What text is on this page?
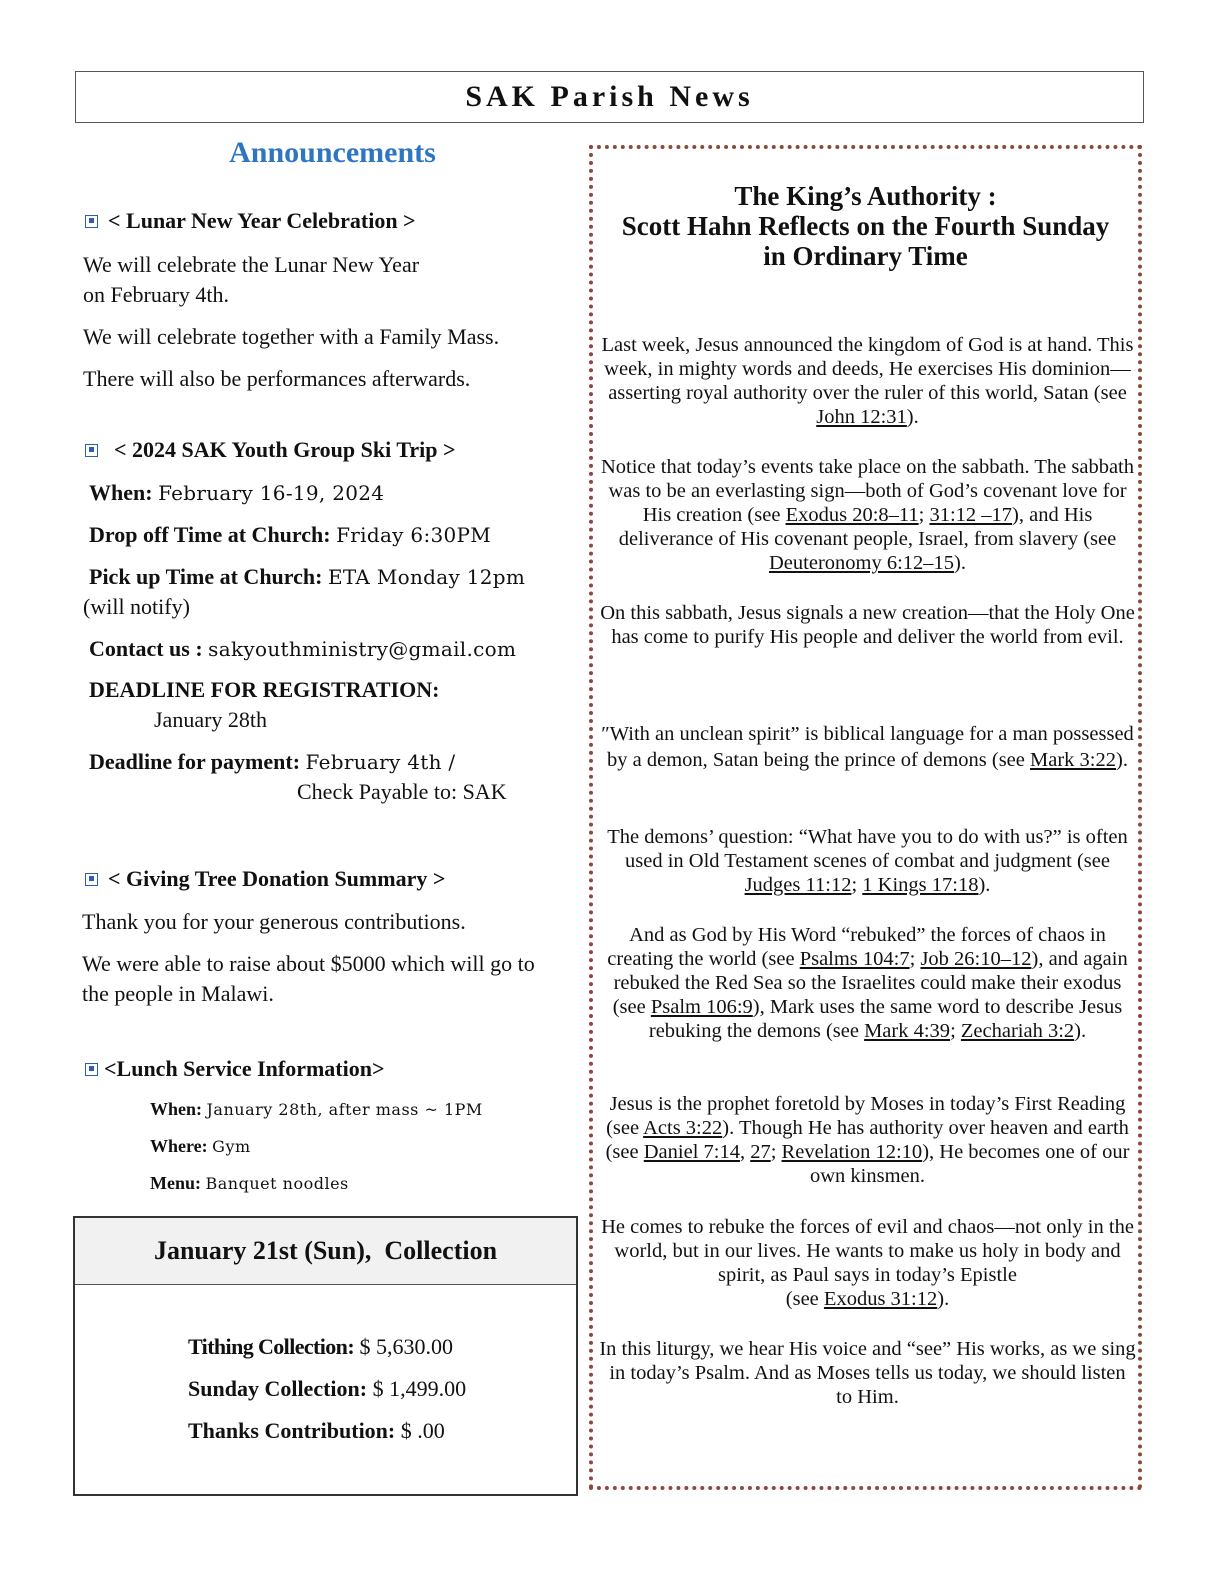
SAK Parish News
Announcements
< Lunar New Year Celebration >
We will celebrate the Lunar New Year
on February 4th.
We will celebrate together with a Family Mass.
There will also be performances afterwards.
< 2024 SAK Youth Group Ski Trip >
When: February 16-19, 2024
Drop off Time at Church: Friday 6:30PM
Pick up Time at Church: ETA Monday 12pm
(will notify)
Contact us : sakyouthministry@gmail.com
DEADLINE FOR REGISTRATION:
January 28th
Deadline for payment: February 4th /
Check Payable to: SAK
< Giving Tree Donation Summary >
Thank you for your generous contributions.
We were able to raise about $5000 which will go to
the people in Malawi.
<Lunch Service Information>
When: January 28th, after mass ~ 1PM
Where: Gym
Menu: Banquet noodles
January 21st (Sun),  Collection
Tithing Collection: $ 5,630.00
Sunday Collection: $ 1,499.00
Thanks Contribution: $ .00
The King’s Authority :
Scott Hahn Reflects on the Fourth Sunday
in Ordinary Time

Last week, Jesus announced the kingdom of God is at hand. This week, in mighty words and deeds, He exercises His dominion—asserting royal authority over the ruler of this world, Satan (see John 12:31).

Notice that today’s events take place on the sabbath. The sabbath was to be an everlasting sign—both of God’s covenant love for His creation (see Exodus 20:8–11; 31:12 –17), and His deliverance of His covenant people, Israel, from slavery (see Deuteronomy 6:12–15).

On this sabbath, Jesus signals a new creation—that the Holy One has come to purify His people and deliver the world from evil.

″With an unclean spirit” is biblical language for a man possessed by a demon, Satan being the prince of demons (see Mark 3:22).

The demons’ question: “What have you to do with us?” is often used in Old Testament scenes of combat and judgment (see Judges 11:12; 1 Kings 17:18).

And as God by His Word “rebuked” the forces of chaos in creating the world (see Psalms 104:7; Job 26:10–12), and again rebuked the Red Sea so the Israelites could make their exodus (see Psalm 106:9), Mark uses the same word to describe Jesus rebuking the demons (see Mark 4:39; Zechariah 3:2).

Jesus is the prophet foretold by Moses in today’s First Reading (see Acts 3:22). Though He has authority over heaven and earth (see Daniel 7:14, 27; Revelation 12:10), He becomes one of our own kinsmen.

He comes to rebuke the forces of evil and chaos—not only in the world, but in our lives. He wants to make us holy in body and spirit, as Paul says in today’s Epistle
(see Exodus 31:12).

In this liturgy, we hear His voice and “see” His works, as we sing in today’s Psalm. And as Moses tells us today, we should listen to Him.
